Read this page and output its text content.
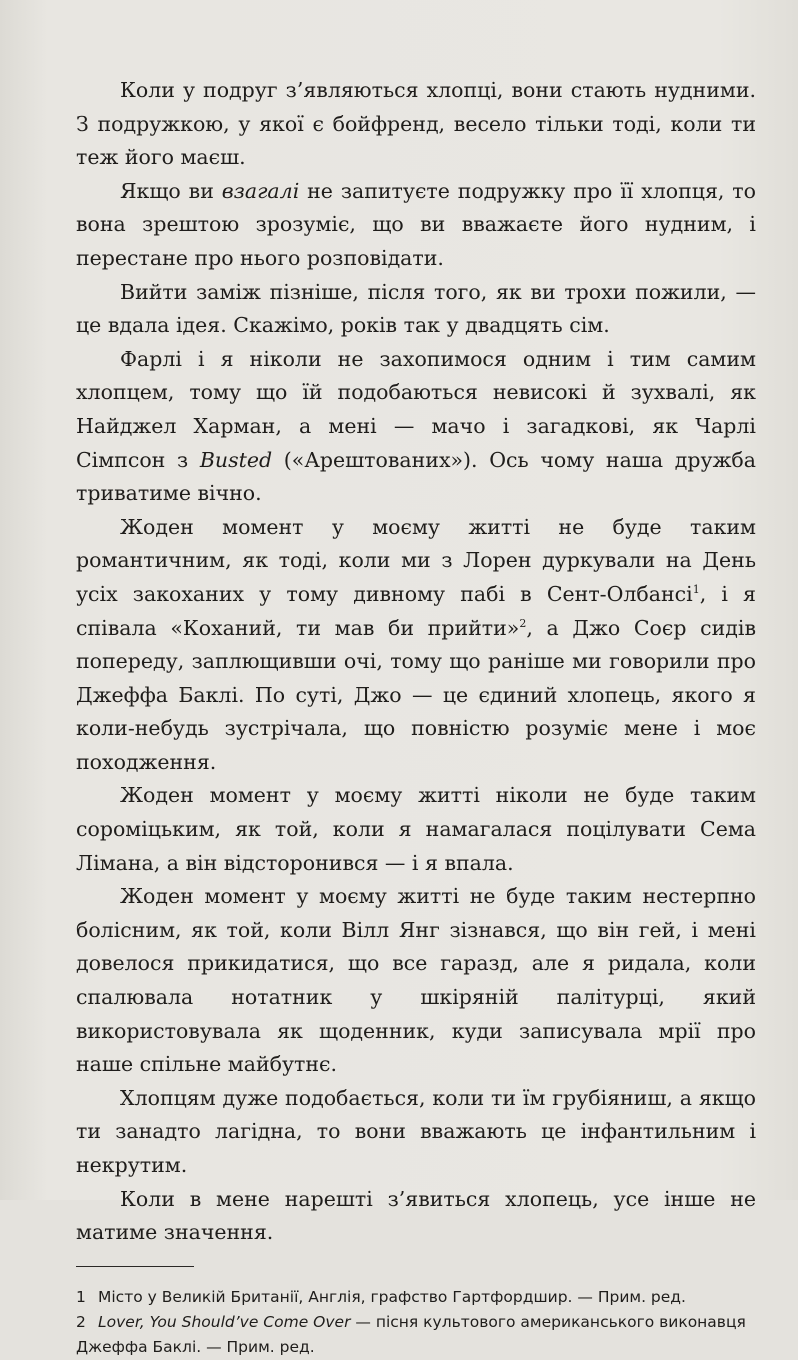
Коли у подруг з’являються хлопці, вони стають нудними. З подружкою, у якої є бойфренд, весело тільки тоді, коли ти теж його маєш.

Якщо ви взагалі не запитуєте подружку про її хлопця, то вона зрештою зрозуміє, що ви вважаєте його нудним, і перестане про нього розповідати.

Вийти заміж пізніше, після того, як ви трохи пожили, — це вдала ідея. Скажімо, років так у двадцять сім.

Фарлі і я ніколи не захопимося одним і тим самим хлопцем, тому що їй подобаються невисокі й зухвалі, як Найджел Харман, а мені — мачо і загадкові, як Чарлі Сімпсон з Busted («Арештованих»). Ось чому наша дружба триватиме вічно.

Жоден момент у моєму житті не буде таким романтичним, як тоді, коли ми з Лорен дуркували на День усіх закоханих у тому дивному пабі в Сент-Олбансі$^1$, і я співала «Коханий, ти мав би прийти»$^2$, а Джо Соєр сидів попереду, заплющивши очі, тому що раніше ми говорили про Джеффа Баклі. По суті, Джо — це єдиний хлопець, якого я коли-небудь зустрічала, що повністю розуміє мене і моє походження.

Жоден момент у моєму житті ніколи не буде таким сороміцьким, як той, коли я намагалася поцілувати Сема Лімана, а він відсторонився — і я впала.

Жоден момент у моєму житті не буде таким нестерпно болісним, як той, коли Вілл Янг зізнався, що він гей, і мені довелося прикидатися, що все гаразд, але я ридала, коли спалювала нотатник у шкіряній палітурці, який використовувала як щоденник, куди записувала мрії про наше спільне майбутнє.

Хлопцям дуже подобається, коли ти їм грубіяниш, а якщо ти занадто лагідна, то вони вважають це інфантильним і некрутим.

Коли в мене нарешті з’явиться хлопець, усе інше не матиме значення.

1 Місто у Великій Британії, Англія, графство Гартфордшир. — Прим. ред.

2 Lover, You Should’ve Come Over — пісня культового американського виконавця Джеффа Баклі. — Прим. ред.
